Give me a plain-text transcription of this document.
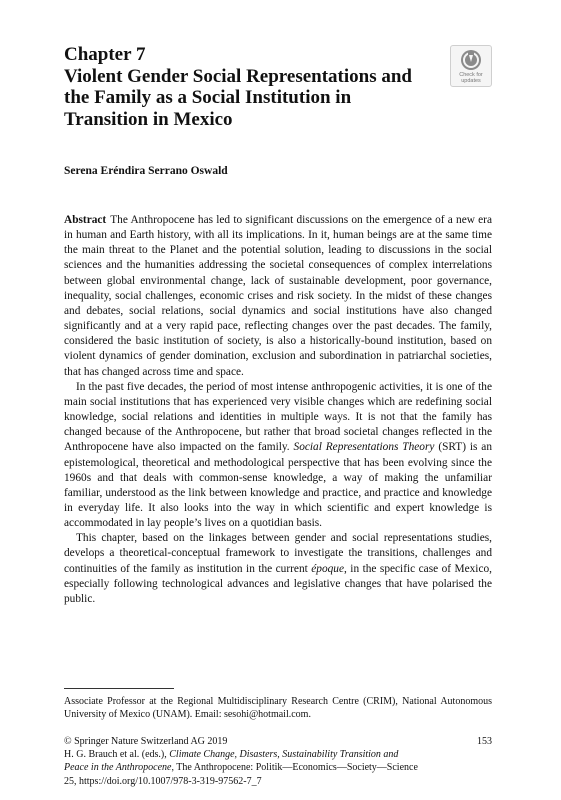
Chapter 7
Violent Gender Social Representations and the Family as a Social Institution in Transition in Mexico
Check for updates
Serena Eréndira Serrano Oswald

Abstract The Anthropocene has led to significant discussions on the emergence of a new era in human and Earth history, with all its implications. In it, human beings are at the same time the main threat to the Planet and the potential solution, leading to discussions in the social sciences and the humanities addressing the societal consequences of complex interrelations between global environmental change, lack of sustainable development, poor governance, inequality, social challenges, economic crises and risk society. In the midst of these changes and debates, social relations, social dynamics and social institutions have also changed significantly and at a very rapid pace, reflecting changes over the past decades. The family, considered the basic institution of society, is also a historically-bound institution, based on violent dynamics of gender domination, exclusion and subordination in patriarchal societies, that has changed across time and space.

In the past five decades, the period of most intense anthropogenic activities, it is one of the main social institutions that has experienced very visible changes which are redefining social knowledge, social relations and identities in multiple ways. It is not that the family has changed because of the Anthropocene, but rather that broad societal changes reflected in the Anthropocene have also impacted on the family. Social Representations Theory (SRT) is an epistemological, theoretical and methodological perspective that has been evolving since the 1960s and that deals with common-sense knowledge, a way of making the unfamiliar familiar, understood as the link between knowledge and practice, and practice and knowledge in everyday life. It also looks into the way in which scientific and expert knowledge is accommodated in lay people’s lives on a quotidian basis.

This chapter, based on the linkages between gender and social representations studies, develops a theoretical-conceptual framework to investigate the transitions, challenges and continuities of the family as institution in the current époque, in the specific case of Mexico, especially following technological advances and legislative changes that have polarised the public.

Associate Professor at the Regional Multidisciplinary Research Centre (CRIM), National Autonomous University of Mexico (UNAM). Email: sesohi@hotmail.com.

© Springer Nature Switzerland AG 2019

H. G. Brauch et al. (eds.), Climate Change, Disasters, Sustainability Transition and Peace in the Anthropocene, The Anthropocene: Politik—Economics—Society—Science 25, https://doi.org/10.1007/978-3-319-97562-7_7

153
